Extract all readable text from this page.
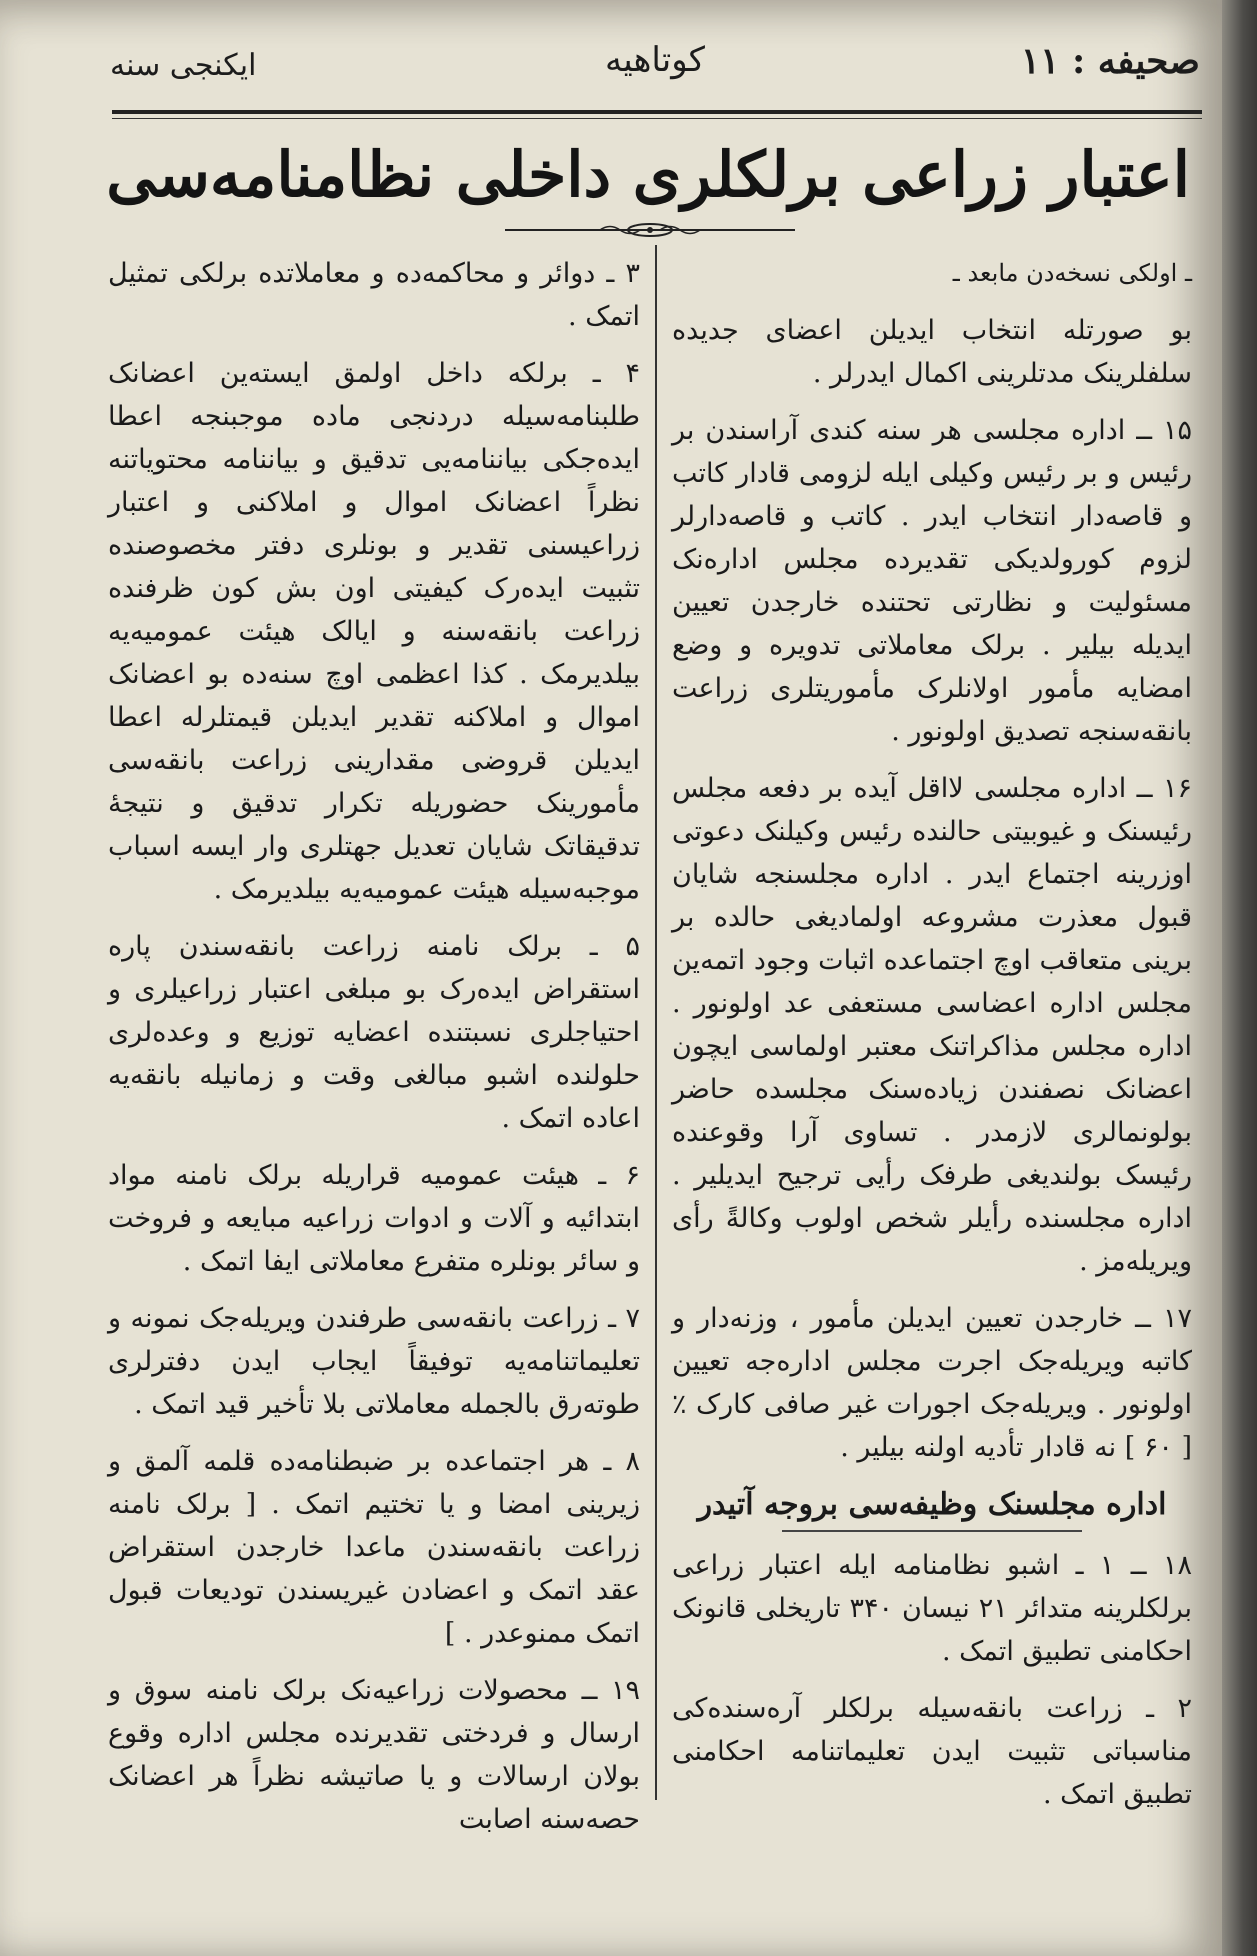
صحیفه : ۱۱
کوتاهیه
ایکنجی سنه
اعتبار زراعی برلکلری داخلی نظامنامه‌سی

ـ اولکی نسخه‌دن مابعد ـ

بو صورتله انتخاب ایدیلن اعضای جدیده سلفلرینک مدتلرینی اکمال ایدرلر .

۱۵ ــ اداره مجلسی هر سنه کندی آراسندن بر رئیس و بر رئیس وکیلی ایله لزومی قادار کاتب و قاصه‌دار انتخاب ایدر . کاتب و قاصه‌دارلر لزوم کورولدیکی تقدیرده مجلس اداره‌نک مسئولیت و نظارتی تحتنده خارجدن تعیین ایدیله بیلیر . برلک معاملاتی تدویره و وضع امضایه مأمور اولانلرک مأموریتلری زراعت بانقه‌سنجه تصدیق اولونور .

۱۶ ــ اداره مجلسی لااقل آیده بر دفعه مجلس رئیسنک و غیوبیتی حالنده رئیس وکیلنک دعوتی اوزرینه اجتماع ایدر . اداره مجلسنجه شایان قبول معذرت مشروعه اولمادیغی حالده بر برینی متعاقب اوچ اجتماعده اثبات وجود اتمه‌ین مجلس اداره اعضاسی مستعفی عد اولونور . اداره مجلس مذاکراتنک معتبر اولماسی ایچون اعضانک نصفندن زیاده‌سنک مجلسده حاضر بولونمالری لازمدر . تساوی آرا وقوعنده رئیسک بولندیغی طرفک رأیی ترجیح ایدیلیر . اداره مجلسنده رأیلر شخص اولوب وکالةً رأی ویریله‌مز .

۱۷ ــ خارجدن تعیین ایدیلن مأمور ، وزنه‌دار و کاتبه ویریله‌جک اجرت مجلس اداره‌جه تعیین اولونور . ویریله‌جک اجورات غیر صافی کارک ٪ [ ۶۰ ] نه قادار تأدیه اولنه بیلیر .

اداره مجلسنک وظیفه‌سی بروجه آتیدر

۱۸ ــ ۱ ـ اشبو نظامنامه ایله اعتبار زراعی برلکلرینه متدائر ۲۱ نیسان ۳۴۰ تاریخلی قانونک احکامنی تطبیق اتمک .

۲ ـ زراعت بانقه‌سیله برلکلر آره‌سنده‌کی مناسباتی تثبیت ایدن تعلیماتنامه احکامنی تطبیق اتمک .

۳ ـ دوائر و محاکمه‌ده و معاملاتده برلکی تمثیل اتمک .

۴ ـ برلکه داخل اولمق ایسته‌ین اعضانک طلبنامه‌سیله دردنجی ماده موجبنجه اعطا ایده‌جکی بیاننامه‌یی تدقیق و بیاننامه محتویاتنه نظراً اعضانک اموال و املاکنی و اعتبار زراعیسنی تقدیر و بونلری دفتر مخصوصنده تثبیت ایده‌رک کیفیتی اون بش کون ظرفنده زراعت بانقه‌سنه و ایالک هیئت عمومیه‌یه بیلدیرمک . کذا اعظمی اوچ سنه‌ده بو اعضانک اموال و املاکنه تقدیر ایدیلن قیمتلرله اعطا ایدیلن قروضی مقدارینی زراعت بانقه‌سی مأمورینک حضوریله تکرار تدقیق و نتیجهٔ تدقیقاتک شایان تعدیل جهتلری وار ایسه اسباب موجبه‌سیله هیئت عمومیه‌یه بیلدیرمک .

۵ ـ برلک نامنه زراعت بانقه‌سندن پاره استقراض ایده‌رک بو مبلغی اعتبار زراعیلری و احتیاجلری نسبتنده اعضایه توزیع و وعده‌لری حلولنده اشبو مبالغی وقت و زمانیله بانقه‌یه اعاده اتمک .

۶ ـ هیئت عمومیه قراریله برلک نامنه مواد ابتدائیه و آلات و ادوات زراعیه مبایعه و فروخت و سائر بونلره متفرع معاملاتی ایفا اتمک .

۷ ـ زراعت بانقه‌سی طرفندن ویریله‌جک نمونه و تعلیماتنامه‌یه توفیقاً ایجاب ایدن دفترلری طوته‌رق بالجمله معاملاتی بلا تأخیر قید اتمک .

۸ ـ هر اجتماعده بر ضبطنامه‌ده قلمه آلمق و زیرینی امضا و یا تختیم اتمک . [ برلک نامنه زراعت بانقه‌سندن ماعدا خارجدن استقراض عقد اتمک و اعضادن غیریسندن تودیعات قبول اتمک ممنوعدر . ]

۱۹ ــ محصولات زراعیه‌نک برلک نامنه سوق و ارسال و فردختی تقدیرنده مجلس اداره وقوع بولان ارسالات و یا صاتیشه نظراً هر اعضانک حصه‌سنه اصابت
